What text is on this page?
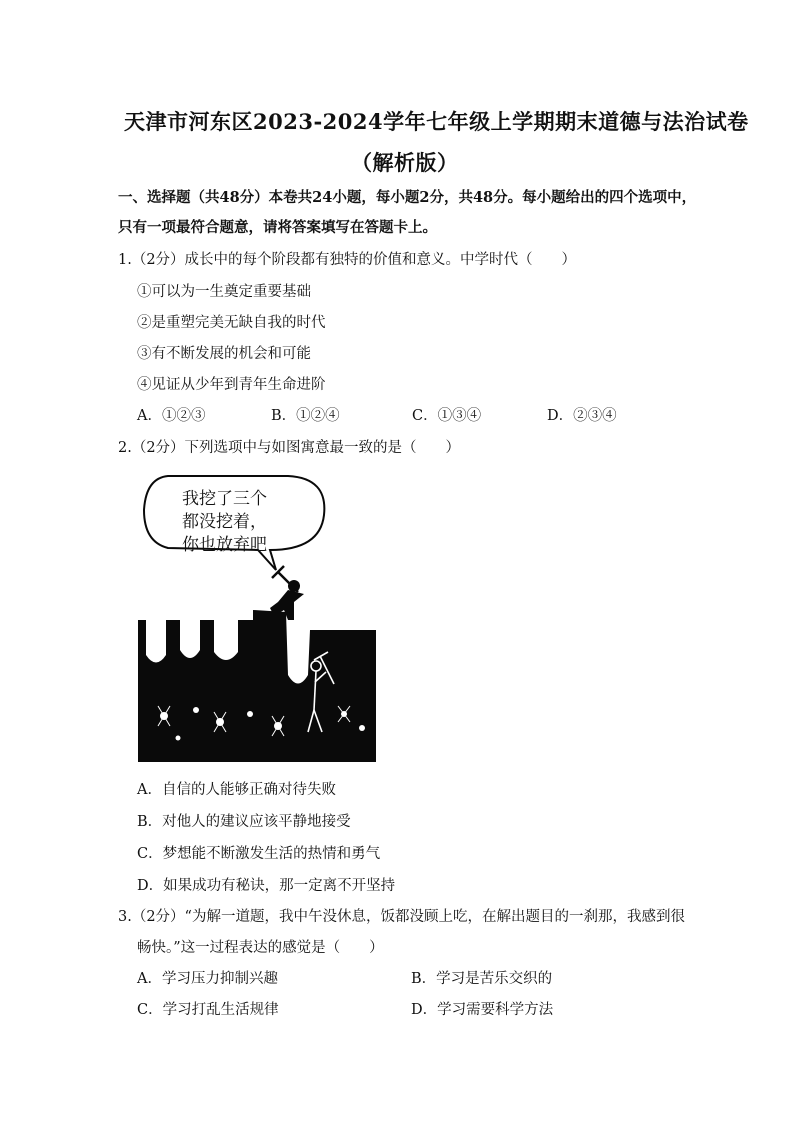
天津市河东区2023-2024学年七年级上学期期末道德与法治试卷
（解析版）
一、选择题（共48分）本卷共24小题，每小题2分，共48分。每小题给出的四个选项中，
只有一项最符合题意，请将答案填写在答题卡上。
1.（2分）成长中的每个阶段都有独特的价值和意义。中学时代（　　）
①可以为一生奠定重要基础
②是重塑完美无缺自我的时代
③有不断发展的机会和可能
④见证从少年到青年生命进阶
A．①②③	B．①②④	C．①③④	D．②③④
2.（2分）下列选项中与如图寓意最一致的是（　　）
我挖了三个
都没挖着，
你也放弃吧
A．自信的人能够正确对待失败
B．对他人的建议应该平静地接受
C．梦想能不断激发生活的热情和勇气
D．如果成功有秘诀，那一定离不开坚持
3.（2分）“为解一道题，我中午没休息，饭都没顾上吃，在解出题目的一刹那，我感到很
畅快。”这一过程表达的感觉是（　　）
A．学习压力抑制兴趣	B．学习是苦乐交织的
C．学习打乱生活规律	D．学习需要科学方法
